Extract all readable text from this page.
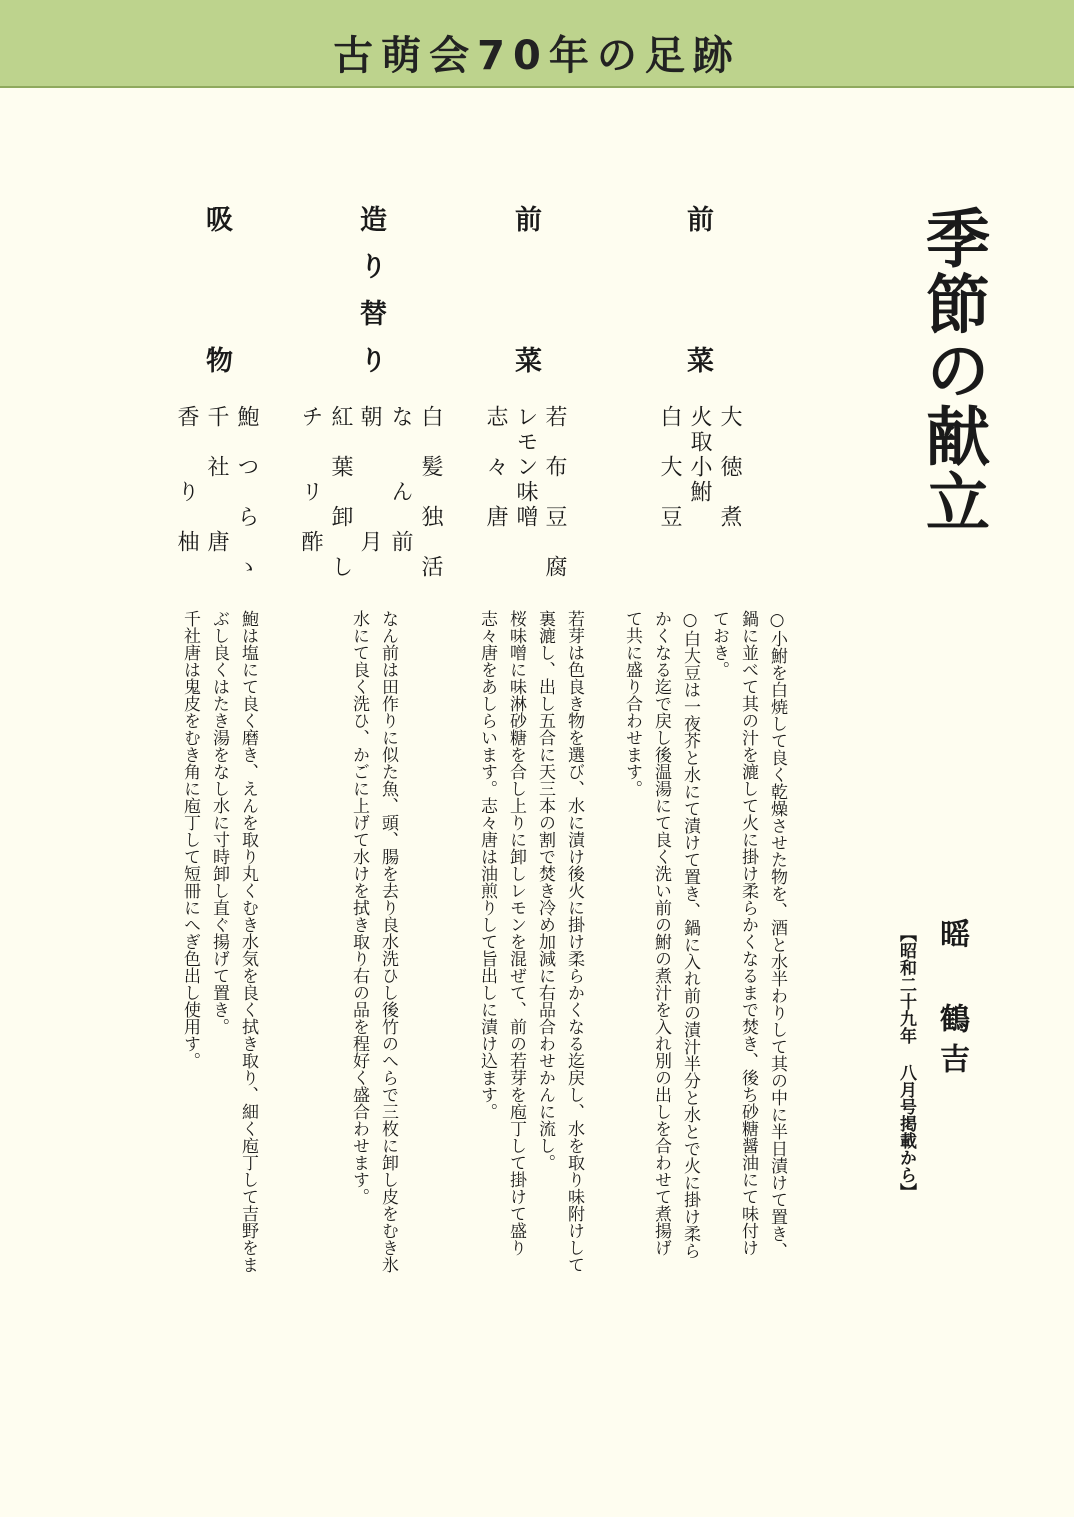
古萌会70年の足跡
季節の献立
暚 鶴吉
【昭和二十九年 八月号掲載から】
前　　菜
前　　菜
造り替り
吸　　物
大　徳　煮
火取小鮒
白　大　豆
若　布　豆　腐
レモン味噌
志　々　唐
白　髪　独　活
な　　ん　前
朝　　　　月
紅　葉　卸　し
チ　　リ　酢
鮑　つ　ら　ゝ
千　社　　唐
香　　り　柚
○小鮒を白焼して良く乾燥させた物を、酒と水半わりして其の中に半日漬けて置き、
鍋に並べて其の汁を漉して火に掛け柔らかくなるまで焚き、後ち砂糖醤油にて味付け
ておき。
○白大豆は一夜芥と水にて漬けて置き、鍋に入れ前の漬汁半分と水とで火に掛け柔ら
かくなる迄で戻し後温湯にて良く洗い前の鮒の煮汁を入れ別の出しを合わせて煮揚げ
て共に盛り合わせます。
若芽は色良き物を選び、水に漬け後火に掛け柔らかくなる迄戻し、水を取り味附けして
裏漉し、出し五合に天三本の割で焚き冷め加減に右品合わせかんに流し。
桜味噌に味淋砂糖を合し上りに卸しレモンを混ぜて、前の若芽を庖丁して掛けて盛り
志々唐をあしらいます。志々唐は油煎りして旨出しに漬け込ます。
なん前は田作りに似た魚、頭、腸を去り良水洗ひし後竹のへらで三枚に卸し皮をむき氷
水にて良く洗ひ、かごに上げて水けを拭き取り右の品を程好く盛合わせます。
鮑は塩にて良く磨き、えんを取り丸くむき水気を良く拭き取り、細く庖丁して吉野をま
ぶし良くはたき湯をなし水に寸時卸し直ぐ揚げて置き。
千社唐は鬼皮をむき角に庖丁して短冊にへぎ色出し使用す。
